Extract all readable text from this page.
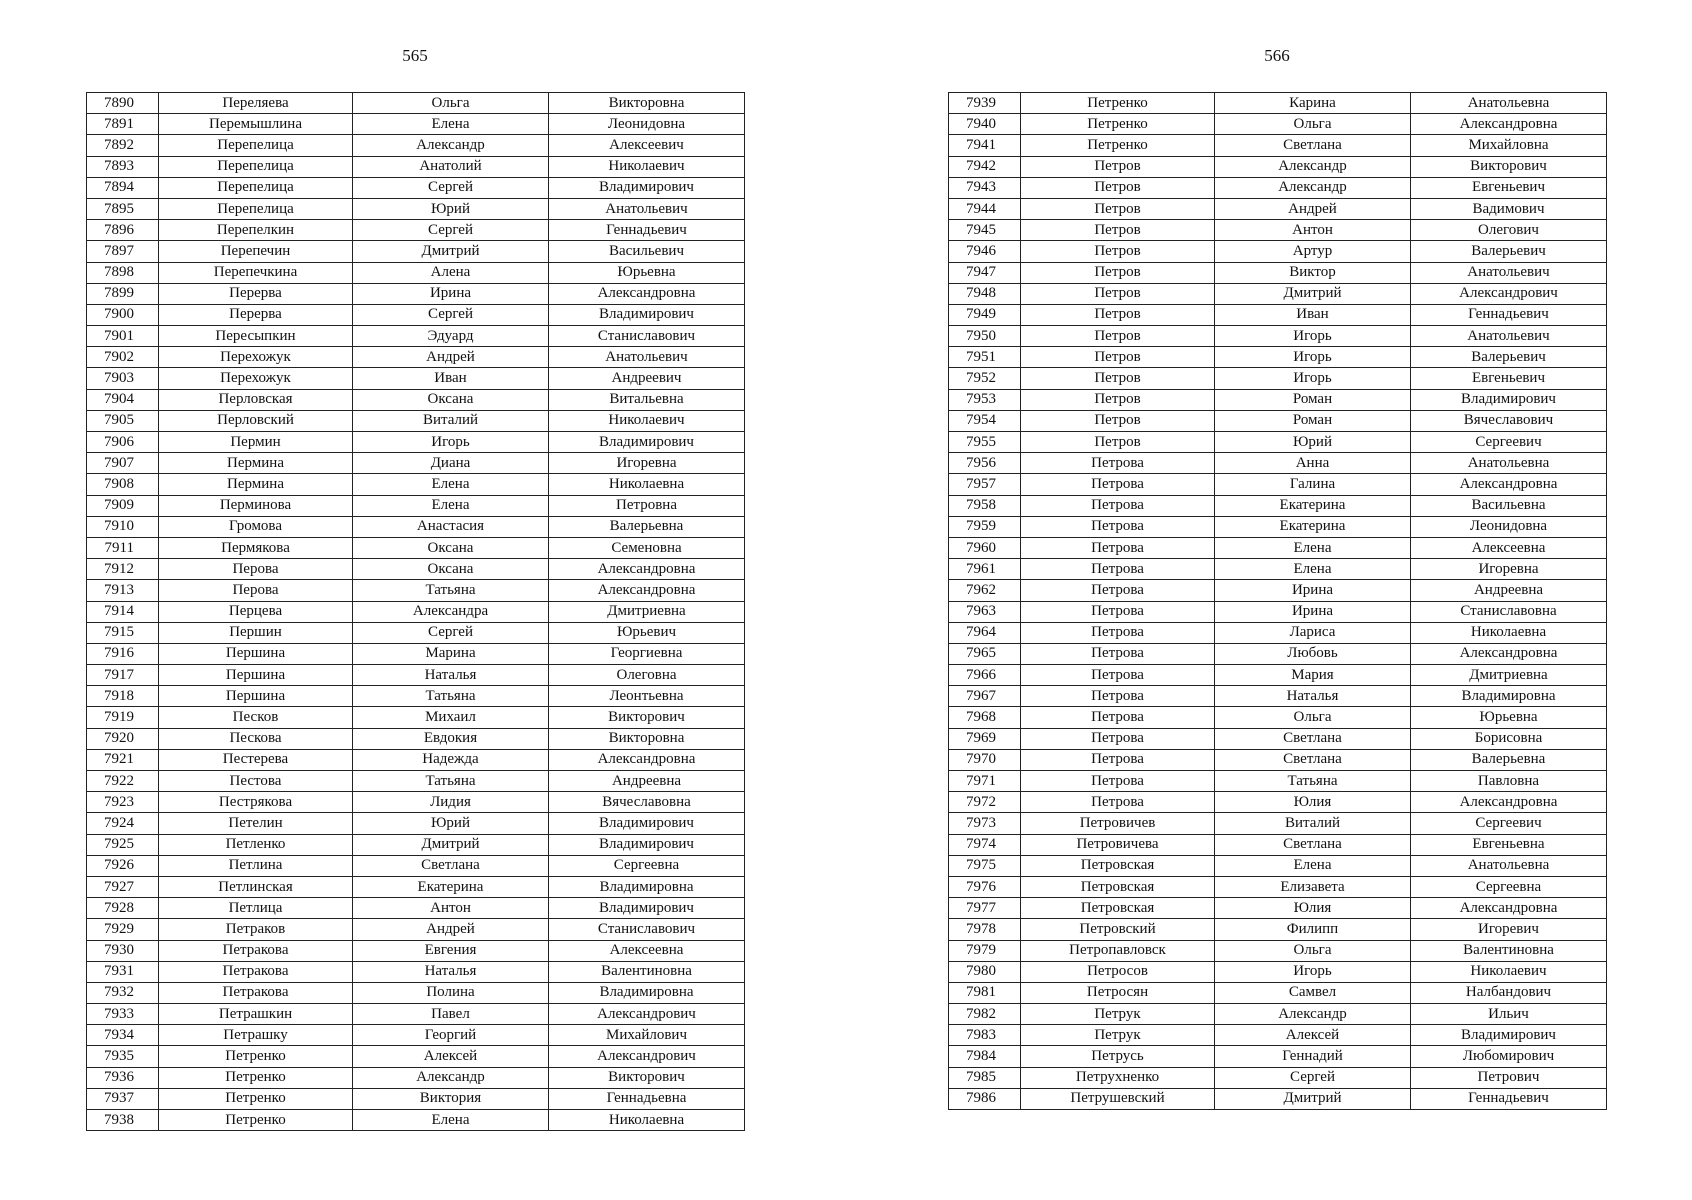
565
7890	Переляева	Ольга	Викторовна
7891	Перемышлина	Елена	Леонидовна
7892	Перепелица	Александр	Алексеевич
7893	Перепелица	Анатолий	Николаевич
7894	Перепелица	Сергей	Владимирович
7895	Перепелица	Юрий	Анатольевич
7896	Перепелкин	Сергей	Геннадьевич
7897	Перепечин	Дмитрий	Васильевич
7898	Перепечкина	Алена	Юрьевна
7899	Перерва	Ирина	Александровна
7900	Перерва	Сергей	Владимирович
7901	Пересыпкин	Эдуард	Станиславович
7902	Перехожук	Андрей	Анатольевич
7903	Перехожук	Иван	Андреевич
7904	Перловская	Оксана	Витальевна
7905	Перловский	Виталий	Николаевич
7906	Пермин	Игорь	Владимирович
7907	Пермина	Диана	Игоревна
7908	Пермина	Елена	Николаевна
7909	Перминова	Елена	Петровна
7910	Громова	Анастасия	Валерьевна
7911	Пермякова	Оксана	Семеновна
7912	Перова	Оксана	Александровна
7913	Перова	Татьяна	Александровна
7914	Перцева	Александра	Дмитриевна
7915	Першин	Сергей	Юрьевич
7916	Першина	Марина	Георгиевна
7917	Першина	Наталья	Олеговна
7918	Першина	Татьяна	Леонтьевна
7919	Песков	Михаил	Викторович
7920	Пескова	Евдокия	Викторовна
7921	Пестерева	Надежда	Александровна
7922	Пестова	Татьяна	Андреевна
7923	Пестрякова	Лидия	Вячеславовна
7924	Петелин	Юрий	Владимирович
7925	Петленко	Дмитрий	Владимирович
7926	Петлина	Светлана	Сергеевна
7927	Петлинская	Екатерина	Владимировна
7928	Петлица	Антон	Владимирович
7929	Петраков	Андрей	Станиславович
7930	Петракова	Евгения	Алексеевна
7931	Петракова	Наталья	Валентиновна
7932	Петракова	Полина	Владимировна
7933	Петрашкин	Павел	Александрович
7934	Петрашку	Георгий	Михайлович
7935	Петренко	Алексей	Александрович
7936	Петренко	Александр	Викторович
7937	Петренко	Виктория	Геннадьевна
7938	Петренко	Елена	Николаевна
566
7939	Петренко	Карина	Анатольевна
7940	Петренко	Ольга	Александровна
7941	Петренко	Светлана	Михайловна
7942	Петров	Александр	Викторович
7943	Петров	Александр	Евгеньевич
7944	Петров	Андрей	Вадимович
7945	Петров	Антон	Олегович
7946	Петров	Артур	Валерьевич
7947	Петров	Виктор	Анатольевич
7948	Петров	Дмитрий	Александрович
7949	Петров	Иван	Геннадьевич
7950	Петров	Игорь	Анатольевич
7951	Петров	Игорь	Валерьевич
7952	Петров	Игорь	Евгеньевич
7953	Петров	Роман	Владимирович
7954	Петров	Роман	Вячеславович
7955	Петров	Юрий	Сергеевич
7956	Петрова	Анна	Анатольевна
7957	Петрова	Галина	Александровна
7958	Петрова	Екатерина	Васильевна
7959	Петрова	Екатерина	Леонидовна
7960	Петрова	Елена	Алексеевна
7961	Петрова	Елена	Игоревна
7962	Петрова	Ирина	Андреевна
7963	Петрова	Ирина	Станиславовна
7964	Петрова	Лариса	Николаевна
7965	Петрова	Любовь	Александровна
7966	Петрова	Мария	Дмитриевна
7967	Петрова	Наталья	Владимировна
7968	Петрова	Ольга	Юрьевна
7969	Петрова	Светлана	Борисовна
7970	Петрова	Светлана	Валерьевна
7971	Петрова	Татьяна	Павловна
7972	Петрова	Юлия	Александровна
7973	Петровичев	Виталий	Сергеевич
7974	Петровичева	Светлана	Евгеньевна
7975	Петровская	Елена	Анатольевна
7976	Петровская	Елизавета	Сергеевна
7977	Петровская	Юлия	Александровна
7978	Петровский	Филипп	Игоревич
7979	Петропавловск	Ольга	Валентиновна
7980	Петросов	Игорь	Николаевич
7981	Петросян	Самвел	Налбандович
7982	Петрук	Александр	Ильич
7983	Петрук	Алексей	Владимирович
7984	Петрусь	Геннадий	Любомирович
7985	Петрухненко	Сергей	Петрович
7986	Петрушевский	Дмитрий	Геннадьевич
